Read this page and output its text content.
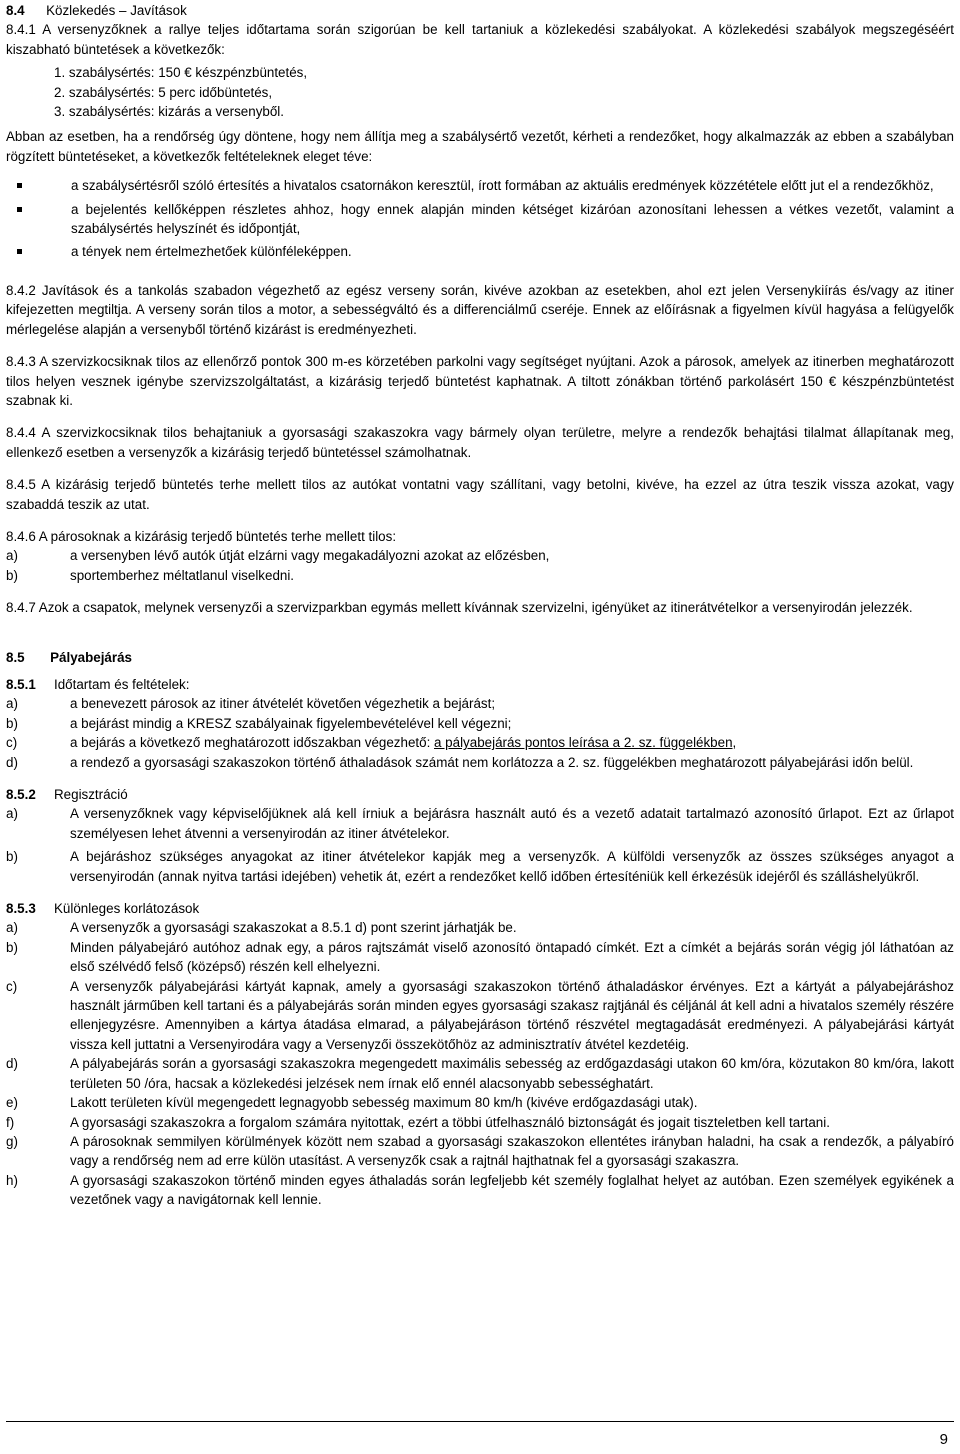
8.4 Közlekedés – Javítások

8.4.1 A versenyzőknek a rallye teljes időtartama során szigorúan be kell tartaniuk a közlekedési szabályokat. A közlekedési szabályok megszegéséért kiszabható büntetések a következők:

1. szabálysértés: 150 € készpénzbüntetés,
2. szabálysértés: 5 perc időbüntetés,
3. szabálysértés: kizárás a versenyből.

Abban az esetben, ha a rendőrség úgy döntene, hogy nem állítja meg a szabálysértő vezetőt, kérheti a rendezőket, hogy alkalmazzák az ebben a szabályban rögzített büntetéseket, a következők feltételeknek eleget téve:

a szabálysértésről szóló értesítés a hivatalos csatornákon keresztül, írott formában az aktuális eredmények közzététele előtt jut el a rendezőkhöz,
a bejelentés kellőképpen részletes ahhoz, hogy ennek alapján minden kétséget kizáróan azonosítani lehessen a vétkes vezetőt, valamint a szabálysértés helyszínét és időpontját,
a tények nem értelmezhetőek különféleképpen.

8.4.2 Javítások és a tankolás szabadon végezhető az egész verseny során, kivéve azokban az esetekben, ahol ezt jelen Versenykiírás és/vagy az itiner kifejezetten megtiltja. A verseny során tilos a motor, a sebességváltó és a differenciálmű cseréje. Ennek az előírásnak a figyelmen kívül hagyása a felügyelők mérlegelése alapján a versenyből történő kizárást is eredményezheti.

8.4.3 A szervizkocsiknak tilos az ellenőrző pontok 300 m-es körzetében parkolni vagy segítséget nyújtani. Azok a párosok, amelyek az itinerben meghatározott tilos helyen vesznek igénybe szervizszolgáltatást, a kizárásig terjedő büntetést kaphatnak. A tiltott zónákban történő parkolásért 150 € készpénzbüntetést szabnak ki.

8.4.4 A szervizkocsiknak tilos behajtaniuk a gyorsasági szakaszokra vagy bármely olyan területre, melyre a rendezők behajtási tilalmat állapítanak meg, ellenkező esetben a versenyzők a kizárásig terjedő büntetéssel számolhatnak.

8.4.5 A kizárásig terjedő büntetés terhe mellett tilos az autókat vontatni vagy szállítani, vagy betolni, kivéve, ha ezzel az útra teszik vissza azokat, vagy szabaddá teszik az utat.

8.4.6 A párosoknak a kizárásig terjedő büntetés terhe mellett tilos:

a)	a versenyben lévő autók útját elzárni vagy megakadályozni azokat az előzésben,
b)	sportemberhez méltatlanul viselkedni.

8.4.7 Azok a csapatok, melynek versenyzői a szervizparkban egymás mellett kívánnak szervizelni, igényüket az itinerátvételkor a versenyirodán jelezzék.

8.5 Pályabejárás

8.5.1 Időtartam és feltételek:

a)	a benevezett párosok az itiner átvételét követően végezhetik a bejárást;
b)	a bejárást mindig a KRESZ szabályainak figyelembevételével kell végezni;
c)	a bejárás a következő meghatározott időszakban végezhető: a pályabejárás pontos leírása a 2. sz. függelékben,
d)	a rendező a gyorsasági szakaszokon történő áthaladások számát nem korlátozza a 2. sz. függelékben meghatározott pályabejárási időn belül.

8.5.2 Regisztráció

a)	A versenyzőknek vagy képviselőjüknek alá kell írniuk a bejárásra használt autó és a vezető adatait tartalmazó azonosító űrlapot. Ezt az űrlapot személyesen lehet átvenni a versenyirodán az itiner átvételekor.
b)	A bejáráshoz szükséges anyagokat az itiner átvételekor kapják meg a versenyzők. A külföldi versenyzők az összes szükséges anyagot a versenyirodán (annak nyitva tartási idejében) vehetik át, ezért a rendezőket kellő időben értesíténiük kell érkezésük idejéről és szálláshelyükről.

8.5.3 Különleges korlátozások

a)	A versenyzők a gyorsasági szakaszokat a 8.5.1 d) pont szerint járhatják be.
b)	Minden pályabejáró autóhoz adnak egy, a páros rajtszámát viselő azonosító öntapadó címkét. Ezt a címkét a bejárás során végig jól láthatóan az első szélvédő felső (középső) részén kell elhelyezni.
c)	A versenyzők pályabejárási kártyát kapnak, amely a gyorsasági szakaszokon történő áthaladáskor érvényes. Ezt a kártyát a pályabejáráshoz használt járműben kell tartani és a pályabejárás során minden egyes gyorsasági szakasz rajtjánál és céljánál át kell adni a hivatalos személy részére ellenjegyzésre. Amennyiben a kártya átadása elmarad, a pályabejáráson történő részvétel megtagadását eredményezi. A pályabejárási kártyát vissza kell juttatni a Versenyirodára vagy a Versenyzői összekötőhöz az adminisztratív átvétel kezdetéig.
d)	A pályabejárás során a gyorsasági szakaszokra megengedett maximális sebesség az erdőgazdasági utakon 60 km/óra, közutakon 80 km/óra, lakott területen 50 /óra, hacsak a közlekedési jelzések nem írnak elő ennél alacsonyabb sebességhatárt.
e)	Lakott területen kívül megengedett legnagyobb sebesség maximum 80 km/h (kivéve erdőgazdasági utak).
f)	A gyorsasági szakaszokra a forgalom számára nyitottak, ezért a többi útfelhasználó biztonságát és jogait tiszteletben kell tartani.
g)	A párosoknak semmilyen körülmények között nem szabad a gyorsasági szakaszokon ellentétes irányban haladni, ha csak a rendezők, a pályabíró vagy a rendőrség nem ad erre külön utasítást. A versenyzők csak a rajtnál hajthatnak fel a gyorsasági szakaszra.
h)	A gyorsasági szakaszokon történő minden egyes áthaladás során legfeljebb két személy foglalhat helyet az autóban. Ezen személyek egyikének a vezetőnek vagy a navigátornak kell lennie.
9
